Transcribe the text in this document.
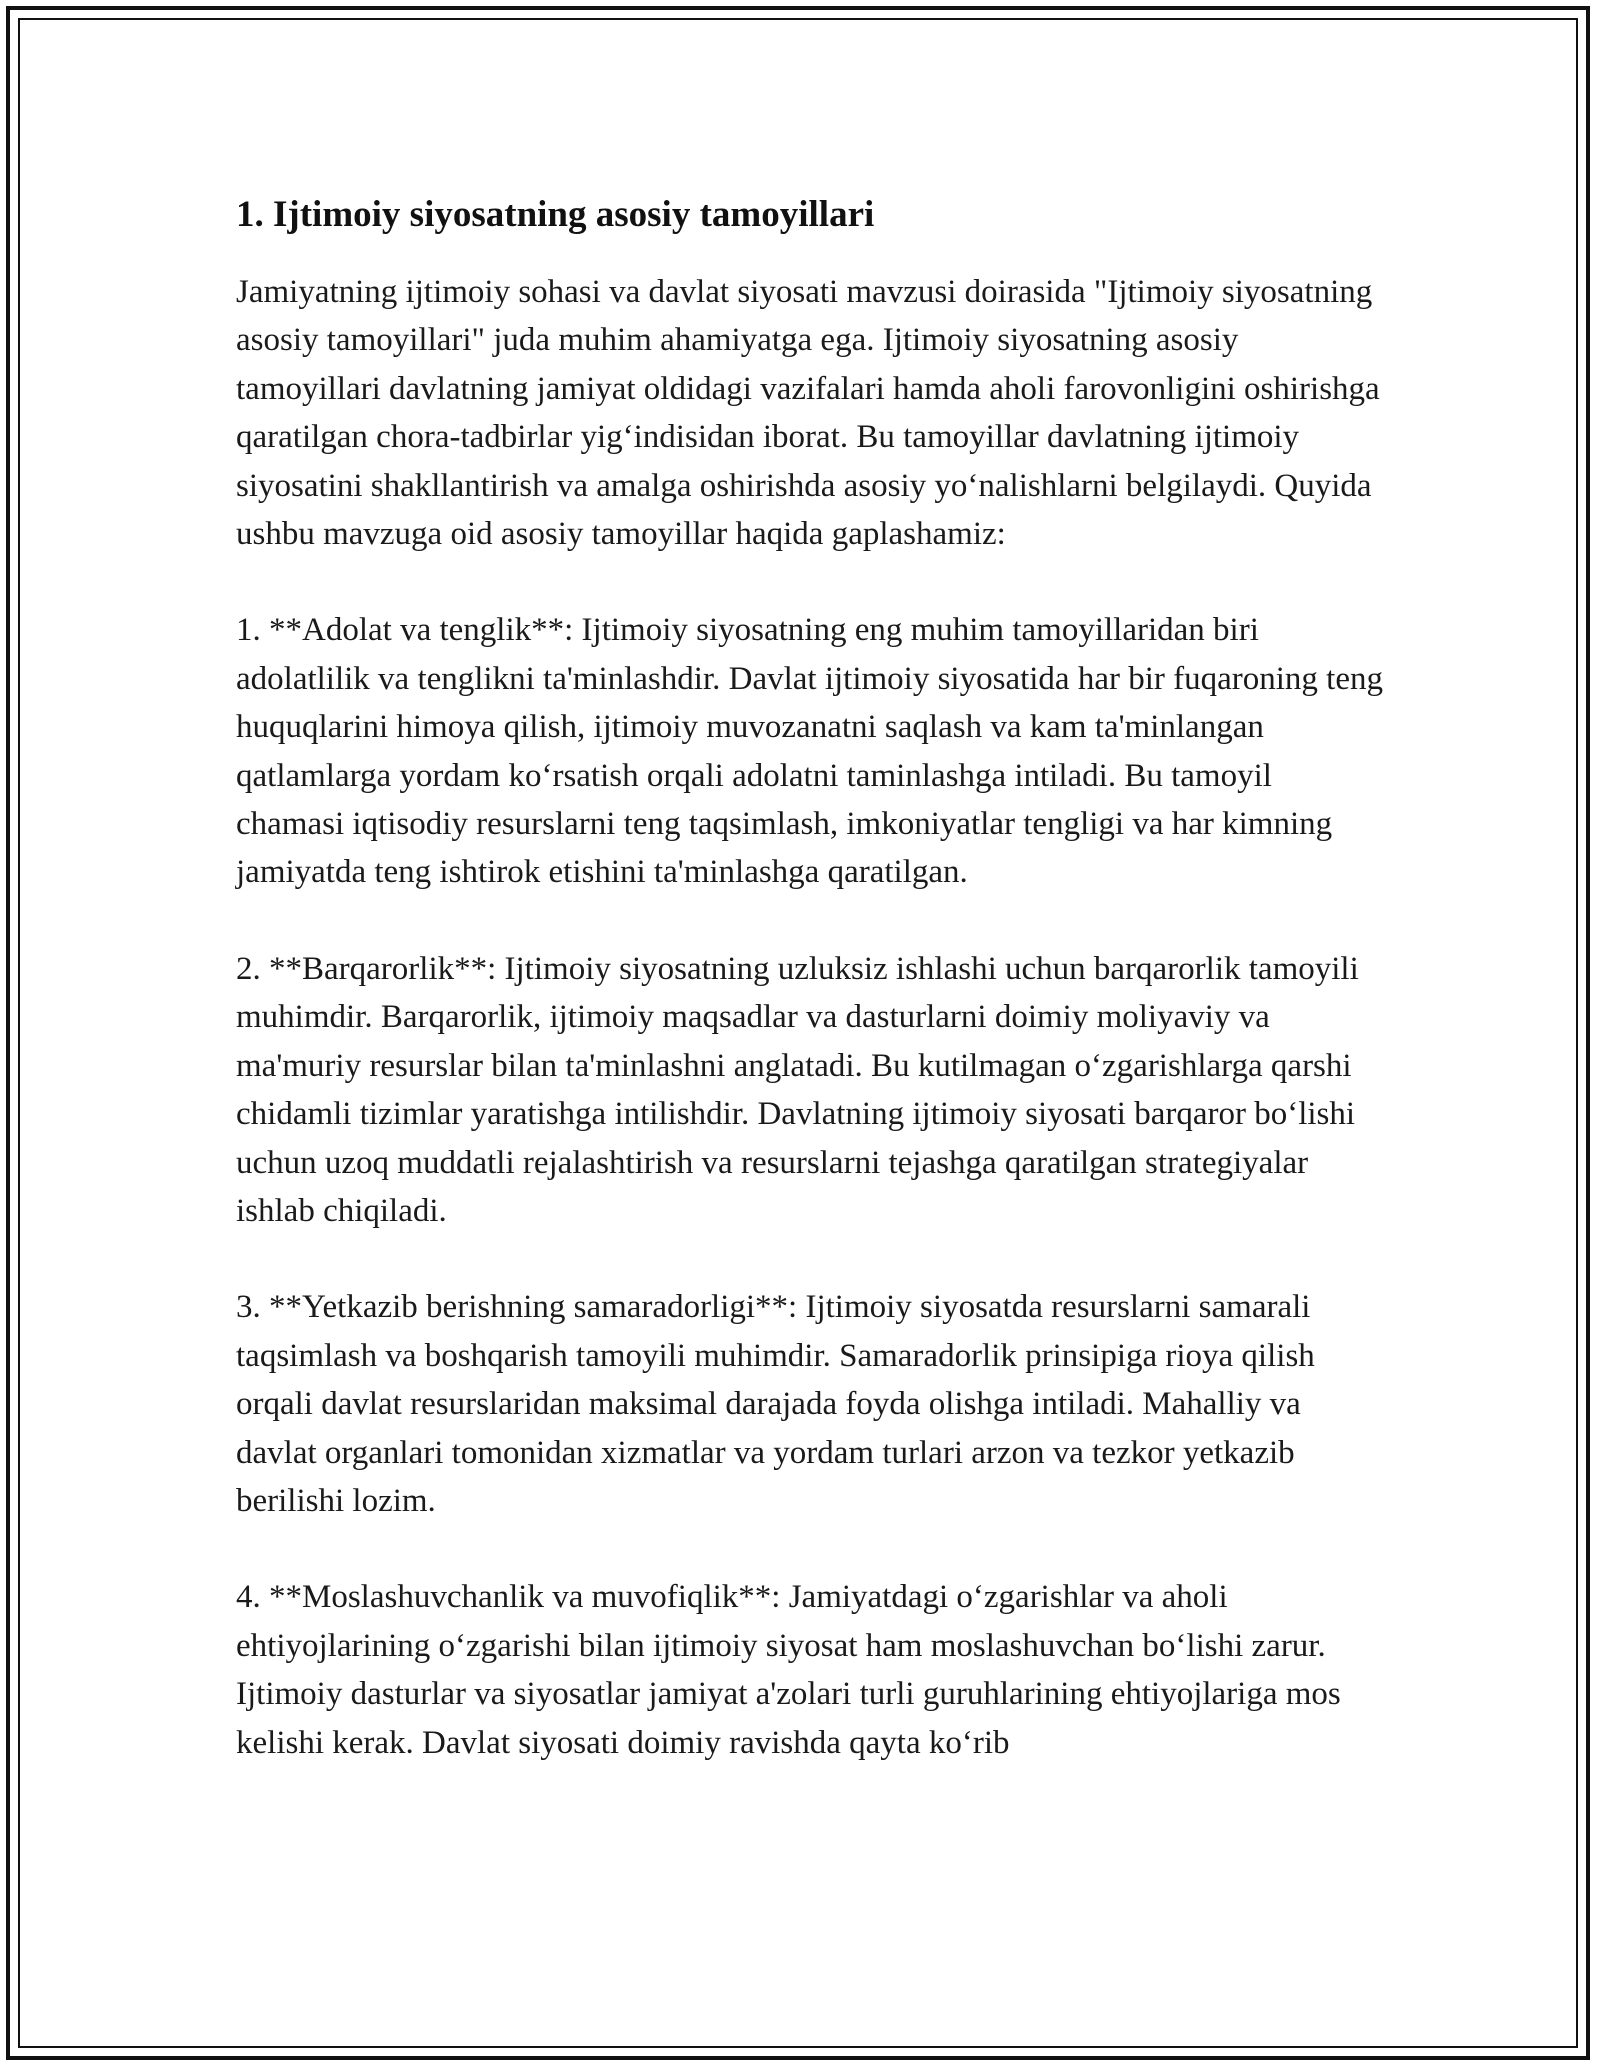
1. Ijtimoiy siyosatning asosiy tamoyillari

Jamiyatning ijtimoiy sohasi va davlat siyosati mavzusi doirasida "Ijtimoiy siyosatning asosiy tamoyillari" juda muhim ahamiyatga ega. Ijtimoiy siyosatning asosiy tamoyillari davlatning jamiyat oldidagi vazifalari hamda aholi farovonligini oshirishga qaratilgan chora-tadbirlar yig‘indisidan iborat. Bu tamoyillar davlatning ijtimoiy siyosatini shakllantirish va amalga oshirishda asosiy yo‘nalishlarni belgilaydi. Quyida ushbu mavzuga oid asosiy tamoyillar haqida gaplashamiz:

1. **Adolat va tenglik**: Ijtimoiy siyosatning eng muhim tamoyillaridan biri adolatlilik va tenglikni ta'minlashdir. Davlat ijtimoiy siyosatida har bir fuqaroning teng huquqlarini himoya qilish, ijtimoiy muvozanatni saqlash va kam ta'minlangan qatlamlarga yordam ko‘rsatish orqali adolatni taminlashga intiladi. Bu tamoyil chamasi iqtisodiy resurslarni teng taqsimlash, imkoniyatlar tengligi va har kimning jamiyatda teng ishtirok etishini ta'minlashga qaratilgan.

2. **Barqarorlik**: Ijtimoiy siyosatning uzluksiz ishlashi uchun barqarorlik tamoyili muhimdir. Barqarorlik, ijtimoiy maqsadlar va dasturlarni doimiy moliyaviy va ma'muriy resurslar bilan ta'minlashni anglatadi. Bu kutilmagan o‘zgarishlarga qarshi chidamli tizimlar yaratishga intilishdir. Davlatning ijtimoiy siyosati barqaror bo‘lishi uchun uzoq muddatli rejalashtirish va resurslarni tejashga qaratilgan strategiyalar ishlab chiqiladi.

3. **Yetkazib berishning samaradorligi**: Ijtimoiy siyosatda resurslarni samarali taqsimlash va boshqarish tamoyili muhimdir. Samaradorlik prinsipiga rioya qilish orqali davlat resurslaridan maksimal darajada foyda olishga intiladi. Mahalliy va davlat organlari tomonidan xizmatlar va yordam turlari arzon va tezkor yetkazib berilishi lozim.

4. **Moslashuvchanlik va muvofiqlik**: Jamiyatdagi o‘zgarishlar va aholi ehtiyojlarining o‘zgarishi bilan ijtimoiy siyosat ham moslashuvchan bo‘lishi zarur. Ijtimoiy dasturlar va siyosatlar jamiyat a'zolari turli guruhlarining ehtiyojlariga mos kelishi kerak. Davlat siyosati doimiy ravishda qayta ko‘rib
